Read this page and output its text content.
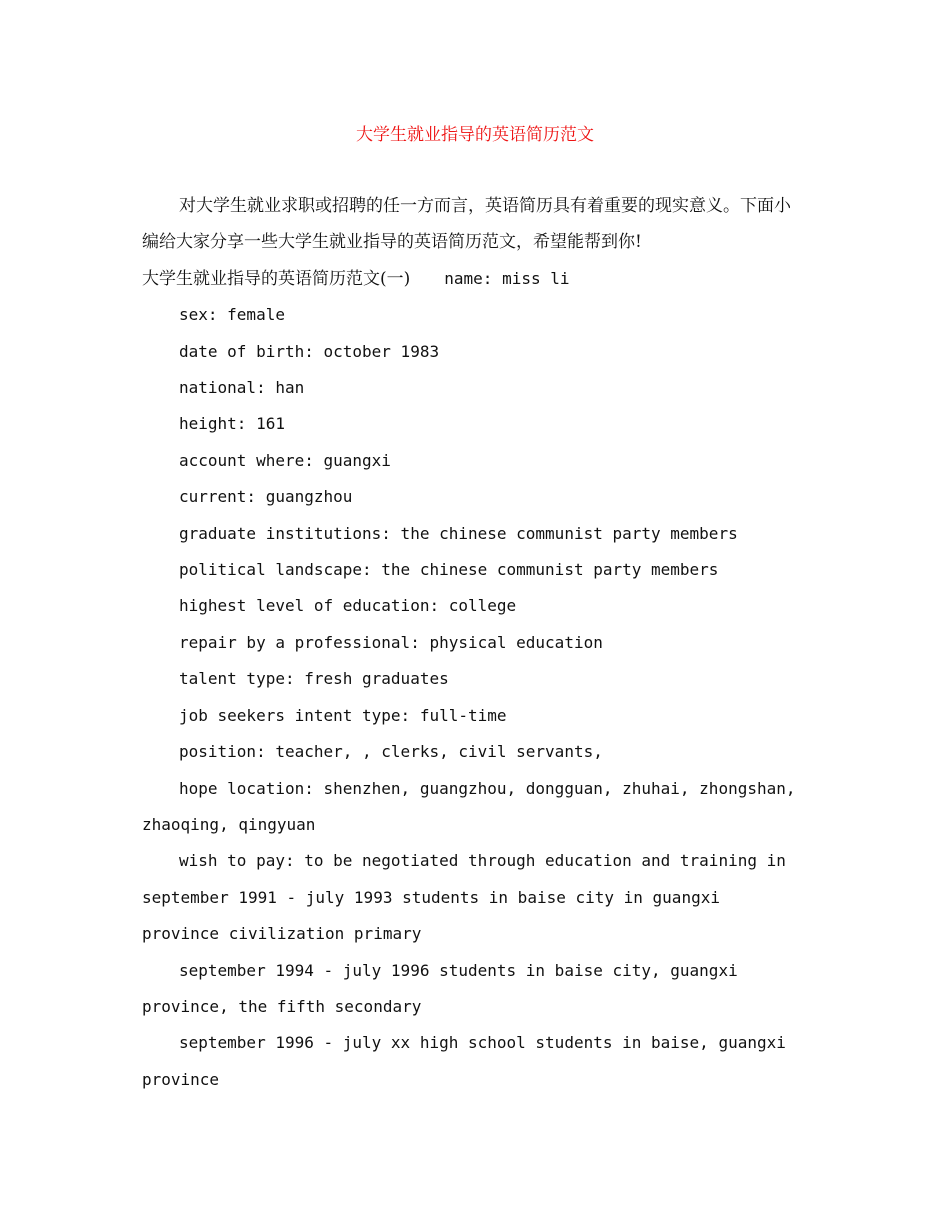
大学生就业指导的英语简历范文

对大学生就业求职或招聘的任一方而言，英语简历具有着重要的现实意义。下面小编给大家分享一些大学生就业指导的英语简历范文，希望能帮到你!

大学生就业指导的英语简历范文(一) name: miss li

sex: female

date of birth: october 1983

national: han

height: 161

account where: guangxi

current: guangzhou

graduate institutions: the chinese communist party members

political landscape: the chinese communist party members

highest level of education: college

repair by a professional: physical education

talent type: fresh graduates

job seekers intent type: full-time

position: teacher, , clerks, civil servants,

hope location: shenzhen, guangzhou, dongguan, zhuhai, zhongshan, zhaoqing, qingyuan

wish to pay: to be negotiated through education and training in september 1991 - july 1993 students in baise city in guangxi province civilization primary

september 1994 - july 1996 students in baise city, guangxi province, the fifth secondary

september 1996 - july xx high school students in baise, guangxi province
